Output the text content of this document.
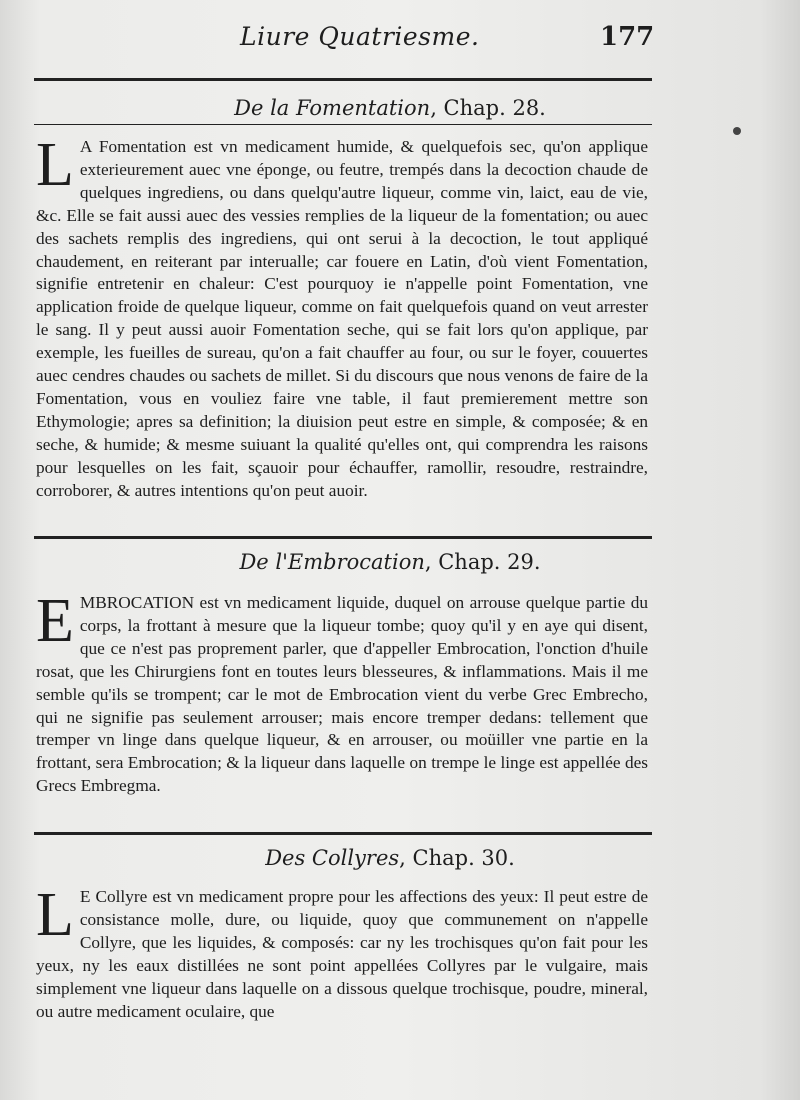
Liure Quatriesme.	177
De la Fomentation, Chap. 28.
L A Fomentation est vn medicament humide, & quelquefois sec, qu'on applique exterieurement auec vne éponge, ou feutre, trempés dans la decoction chaude de quelques ingrediens, ou dans quelqu'autre liqueur, comme vin, laict, eau de vie, &c. Elle se fait aussi auec des vessies remplies de la liqueur de la fomentation; ou auec des sachets remplis des ingrediens, qui ont serui à la decoction, le tout appliqué chaudement, en reiterant par interualle; car fouere en Latin, d'où vient Fomentation, signifie entretenir en chaleur: C'est pourquoy ie n'appelle point Fomentation, vne application froide de quelque liqueur, comme on fait quelquefois quand on veut arrester le sang. Il y peut aussi auoir Fomentation seche, qui se fait lors qu'on applique, par exemple, les fueilles de sureau, qu'on a fait chauffer au four, ou sur le foyer, couuertes auec cendres chaudes ou sachets de millet. Si du discours que nous venons de faire de la Fomentation, vous en vouliez faire vne table, il faut premierement mettre son Ethymologie; apres sa definition; la diuision peut estre en simple, & composée; & en seche, & humide; & mesme suiuant la qualité qu'elles ont, qui comprendra les raisons pour lesquelles on les fait, sçauoir pour échauffer, ramollir, resoudre, restraindre, corroborer, & autres intentions qu'on peut auoir.
De l'Embrocation, Chap. 29.
EMBROCATION est vn medicament liquide, duquel on arrouse quelque partie du corps, la frottant à mesure que la liqueur tombe; quoy qu'il y en aye qui disent, que ce n'est pas proprement parler, que d'appeller Embrocation, l'onction d'huile rosat, que les Chirurgiens font en toutes leurs blesseures, & inflammations. Mais il me semble qu'ils se trompent; car le mot de Embrocation vient du verbe Grec Embrecho, qui ne signifie pas seulement arrouser; mais encore tremper dedans: tellement que tremper vn linge dans quelque liqueur, & en arrouser, ou moüiller vne partie en la frottant, sera Embrocation; & la liqueur dans laquelle on trempe le linge est appellée des Grecs Embregma.
Des Collyres, Chap. 30.
L E Collyre est vn medicament propre pour les affections des yeux: Il peut estre de consistance molle, dure, ou liquide, quoy que communement on n'appelle Collyre, que les liquides, & composés: car ny les trochisques qu'on fait pour les yeux, ny les eaux distillées ne sont point appellées Collyres par le vulgaire, mais simplement vne liqueur dans laquelle on a dissous quelque trochisque, poudre, mineral, ou autre medicament oculaire, que
